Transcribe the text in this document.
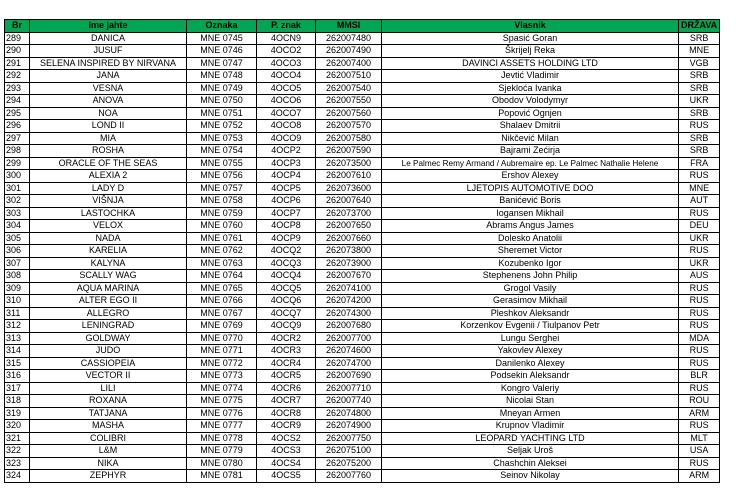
Br	Ime jahte	Oznaka	P. znak	MMSI	Vlasnik	DRŽAVA
289	DANICA	MNE 0745	4OCN9	262007480	Spasić Goran	SRB
290	JUSUF	MNE 0746	4OCO2	262007490	Škrijelj Reka	MNE
291	SELENA INSPIRED BY NIRVANA	MNE 0747	4OCO3	262007400	DAVINCI ASSETS HOLDING LTD	VGB
292	JANA	MNE 0748	4OCO4	262007510	Jevtić Vladimir	SRB
293	VESNA	MNE 0749	4OCO5	262007540	Sjekloća Ivanka	SRB
294	ANOVA	MNE 0750	4OCO6	262007550	Obodov Volodymyr	UKR
295	NOA	MNE 0751	4OCO7	262007560	Popović Ognjen	SRB
296	LOND II	MNE 0752	4OCO8	262007570	Shalaev Dmitrii	RUS
297	MIA	MNE 0753	4OCO9	262007580	Nikčević Milan	SRB
298	ROSHA	MNE 0754	4OCP2	262007590	Bajrami Zećirja	SRB
299	ORACLE OF THE SEAS	MNE 0755	4OCP3	262073500	Le Palmec Remy Armand / Aubremaire ep. Le Palmec Nathalie Helene	FRA
300	ALEXIA 2	MNE 0756	4OCP4	262007610	Ershov Alexey	RUS
301	LADY D	MNE 0757	4OCP5	262073600	LJETOPIS AUTOMOTIVE DOO	MNE
302	VIŠNJA	MNE 0758	4OCP6	262007640	Banićević Boris	AUT
303	LASTOCHKA	MNE 0759	4OCP7	262073700	Iogansen Mikhail	RUS
304	VELOX	MNE 0760	4OCP8	262007650	Abrams Angus James	DEU
305	NADA	MNE 0761	4OCP9	262007660	Dolesko Anatolii	UKR
306	KARELIA	MNE 0762	4OCQ2	262073800	Sheremet Victor	RUS
307	KALYNA	MNE 0763	4OCQ3	262073900	Kozubenko Igor	UKR
308	SCALLY WAG	MNE 0764	4OCQ4	262007670	Stephenens John Philip	AUS
309	AQUA MARINA	MNE 0765	4OCQ5	262074100	Grogol Vasily	RUS
310	ALTER EGO II	MNE 0766	4OCQ6	262074200	Gerasimov Mikhail	RUS
311	ALLEGRO	MNE 0767	4OCQ7	262074300	Pleshkov Aleksandr	RUS
312	LENINGRAD	MNE 0769	4OCQ9	262007680	Korzenkov Evgenii / Tiulpanov Petr	RUS
313	GOLDWAY	MNE 0770	4OCR2	262007700	Lungu Serghei	MDA
314	JUDO	MNE 0771	4OCR3	262074600	Yakovlev Alexey	RUS
315	CASSIOPEIA	MNE 0772	4OCR4	262074700	Danilenko Alexey	RUS
316	VECTOR II	MNE 0773	4OCR5	262007690	Podsekin Aleksandr	BLR
317	LILI	MNE 0774	4OCR6	262007710	Kongro Valeriy	RUS
318	ROXANA	MNE 0775	4OCR7	262007740	Nicolai Stan	ROU
319	TATJANA	MNE 0776	4OCR8	262074800	Mneyan Armen	ARM
320	MASHA	MNE 0777	4OCR9	262074900	Krupnov Vladimir	RUS
321	COLIBRI	MNE 0778	4OCS2	262007750	LEOPARD YACHTING LTD	MLT
322	L&M	MNE 0779	4OCS3	262075100	Seljak Uroš	USA
323	NIKA	MNE 0780	4OCS4	262075200	Chashchin Aleksei	RUS
324	ZEPHYR	MNE 0781	4OCS5	262007760	Seinov Nikolay	ARM
